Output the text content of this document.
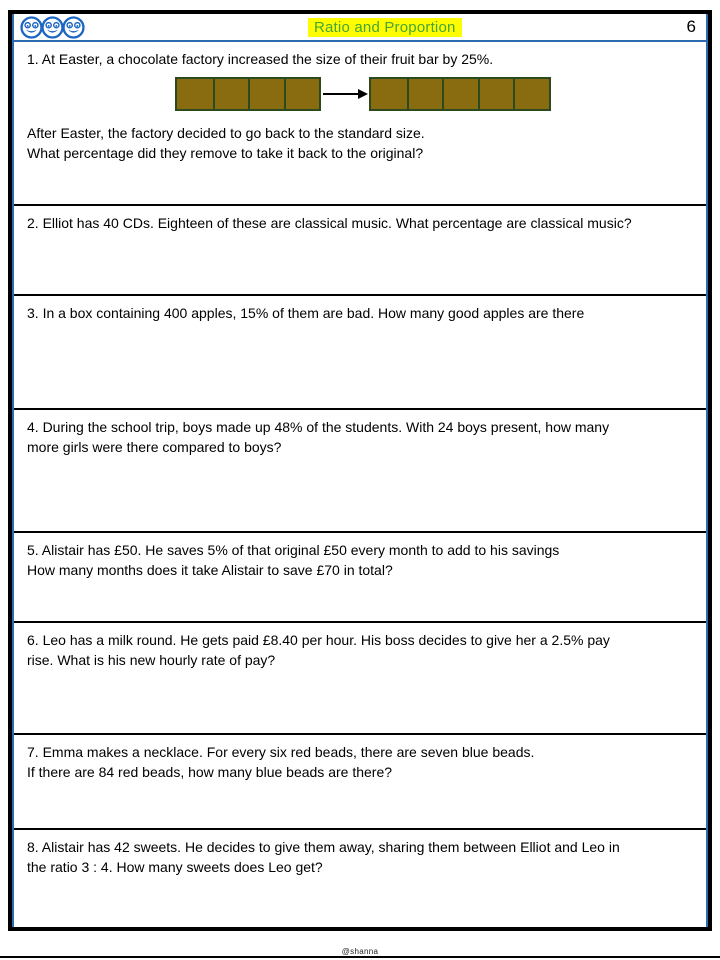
Ratio and Proportion	6
1. At Easter, a chocolate factory increased the size of their fruit bar by 25%.
After Easter, the factory decided to go back to the standard size.
What percentage did they remove to take it back to the original?
2. Elliot has 40 CDs. Eighteen of these are classical music. What percentage are classical music?
3. In a box containing 400 apples, 15% of them are bad. How many good apples are there
4. During the school trip, boys made up 48% of the students. With 24 boys present, how many
more girls were there compared to boys?
5. Alistair has £50. He saves 5% of that original £50 every month to add to his savings
How many months does it take Alistair to save £70 in total?
6. Leo has a milk round. He gets paid £8.40 per hour. His boss decides to give her a 2.5% pay
rise. What is his new hourly rate of pay?
7. Emma makes a necklace. For every six red beads, there are seven blue beads.
If there are 84 red beads, how many blue beads are there?
8. Alistair has 42 sweets. He decides to give them away, sharing them between Elliot and Leo in
the ratio 3 : 4. How many sweets does Leo get?
@shanna
